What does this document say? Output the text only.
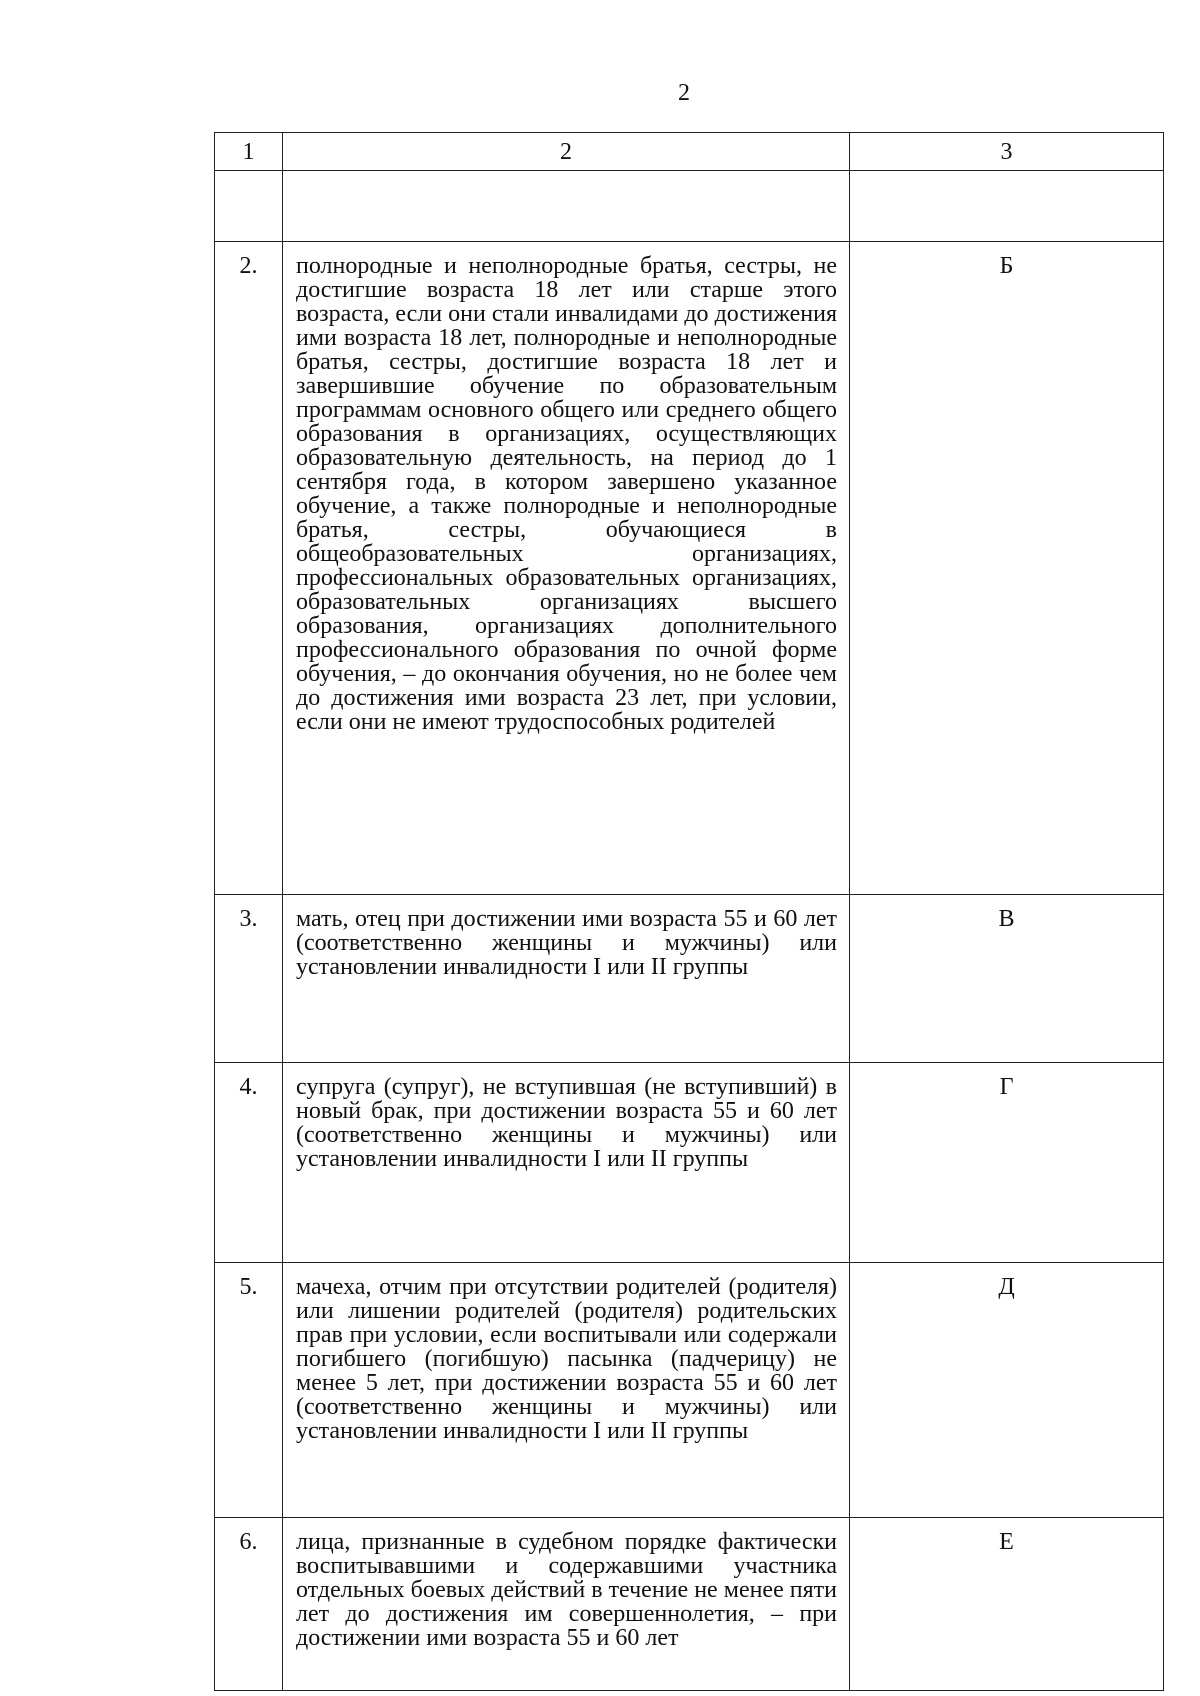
2
1	2	3

2.	полнородные и неполнородные братья, сестры, не достигшие возраста 18 лет или старше этого возраста, если они стали инвалидами до достижения ими возраста 18 лет, полнородные и неполнородные братья, сестры, достигшие возраста 18 лет и завершившие обучение по образовательным программам основного общего или среднего общего образования в организациях, осуществляющих образовательную деятельность, на период до 1 сентября года, в котором завершено указанное обучение, а также полнородные и неполнородные братья, сестры, обучающиеся в общеобразовательных организациях, профессиональных образовательных организациях, образовательных организациях высшего образования, организациях дополнительного профессионального образования по очной форме обучения, – до окончания обучения, но не более чем до достижения ими возраста 23 лет, при условии, если они не имеют трудоспособных родителей	Б
3.	мать, отец при достижении ими возраста 55 и 60 лет (соответственно женщины и мужчины) или установлении инвалидности I или II группы	В
4.	супруга (супруг), не вступившая (не вступивший) в новый брак, при достижении возраста 55 и 60 лет (соответственно женщины и мужчины) или установлении инвалидности I или II группы	Г
5.	мачеха, отчим при отсутствии родителей (родителя) или лишении родителей (родителя) родительских прав при условии, если воспитывали или содержали погибшего (погибшую) пасынка (падчерицу) не менее 5 лет, при достижении возраста 55 и 60 лет (соответственно женщины и мужчины) или установлении инвалидности I или II группы	Д
6.	лица, признанные в судебном порядке фактически воспитывавшими и содержавшими участника отдельных боевых действий в течение не менее пяти лет до достижения им совершеннолетия, – при достижении ими возраста 55 и 60 лет	Е
